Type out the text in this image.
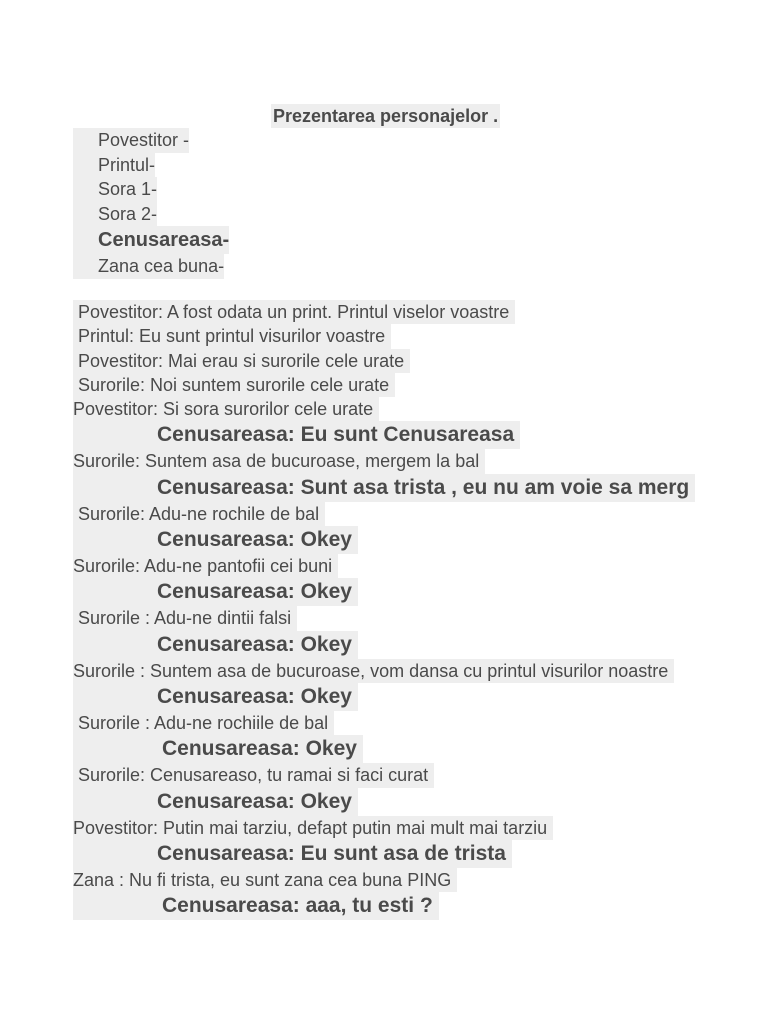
Prezentarea personajelor .
Povestitor -
Printul-
Sora 1-
Sora 2-
Cenusareasa-
Zana cea buna-
Povestitor: A fost odata un print. Printul viselor voastre
Printul: Eu sunt printul visurilor voastre
Povestitor: Mai erau si surorile cele urate
Surorile: Noi suntem surorile cele urate
Povestitor: Si sora surorilor cele urate
Cenusareasa: Eu sunt Cenusareasa
Surorile: Suntem asa de bucuroase, mergem la bal
Cenusareasa: Sunt asa trista , eu nu am voie sa merg
Surorile: Adu-ne rochile de bal
Cenusareasa: Okey
Surorile: Adu-ne pantofii cei buni
Cenusareasa: Okey
Surorile : Adu-ne dintii falsi
Cenusareasa: Okey
Surorile : Suntem asa de bucuroase, vom dansa cu printul visurilor noastre
Cenusareasa: Okey
Surorile : Adu-ne rochiile de bal
Cenusareasa: Okey
Surorile: Cenusareaso, tu ramai si faci curat
Cenusareasa: Okey
Povestitor: Putin mai tarziu, defapt putin mai mult mai tarziu
Cenusareasa: Eu sunt asa de trista
Zana : Nu fi trista, eu sunt zana cea buna PING
Cenusareasa: aaa, tu esti ?
